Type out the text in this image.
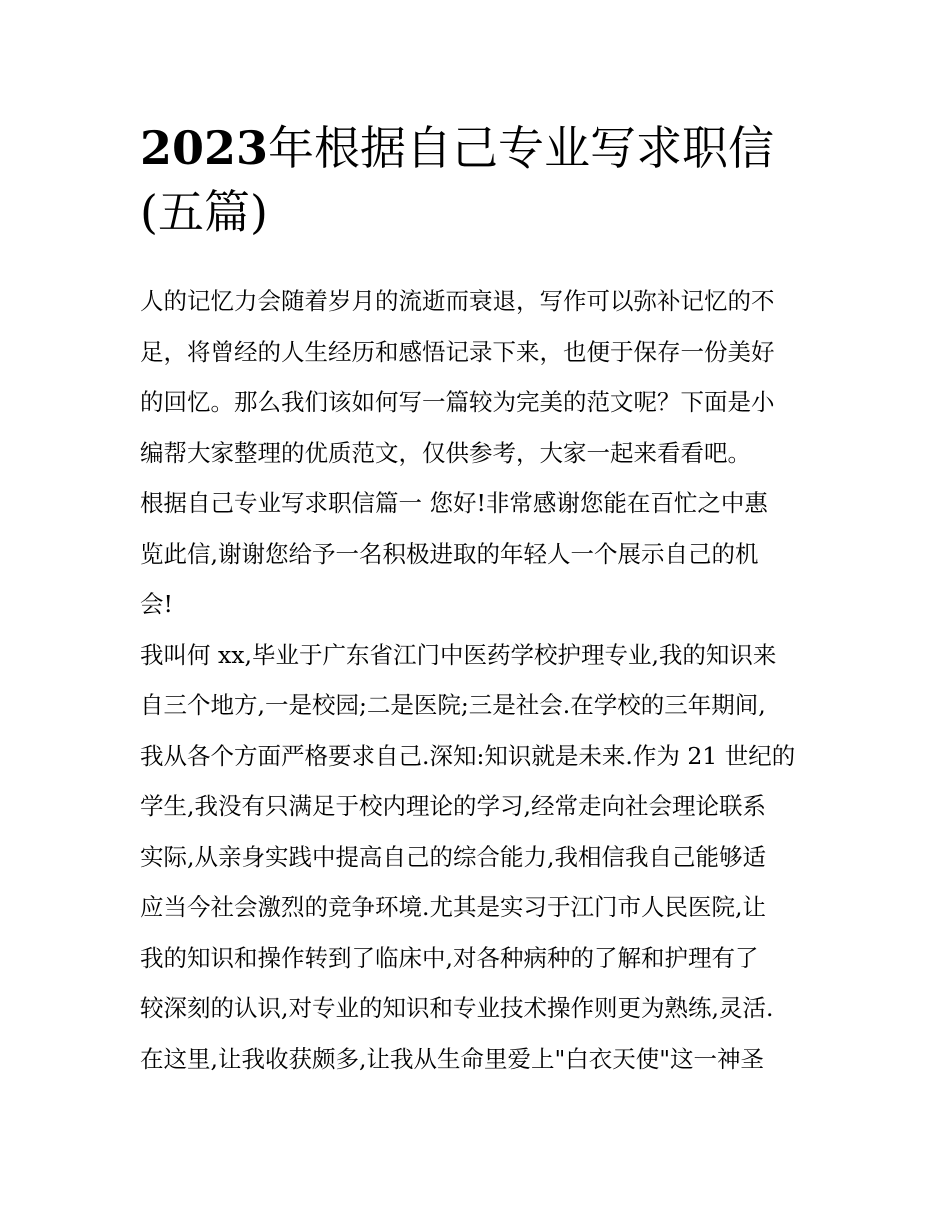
2023年根据自己专业写求职信
(五篇)
人的记忆力会随着岁月的流逝而衰退，写作可以弥补记忆的不
足，将曾经的人生经历和感悟记录下来，也便于保存一份美好
的回忆。那么我们该如何写一篇较为完美的范文呢？下面是小
编帮大家整理的优质范文，仅供参考，大家一起来看看吧。
根据自己专业写求职信篇一 您好!非常感谢您能在百忙之中惠
览此信,谢谢您给予一名积极进取的年轻人一个展示自己的机
会!
我叫何 xx,毕业于广东省江门中医药学校护理专业,我的知识来
自三个地方,一是校园;二是医院;三是社会.在学校的三年期间,
我从各个方面严格要求自己.深知:知识就是未来.作为 21 世纪的
学生,我没有只满足于校内理论的学习,经常走向社会理论联系
实际,从亲身实践中提高自己的综合能力,我相信我自己能够适
应当今社会激烈的竞争环境.尤其是实习于江门市人民医院,让
我的知识和操作转到了临床中,对各种病种的了解和护理有了
较深刻的认识,对专业的知识和专业技术操作则更为熟练,灵活.
在这里,让我收获颇多,让我从生命里爱上"白衣天使"这一神圣
